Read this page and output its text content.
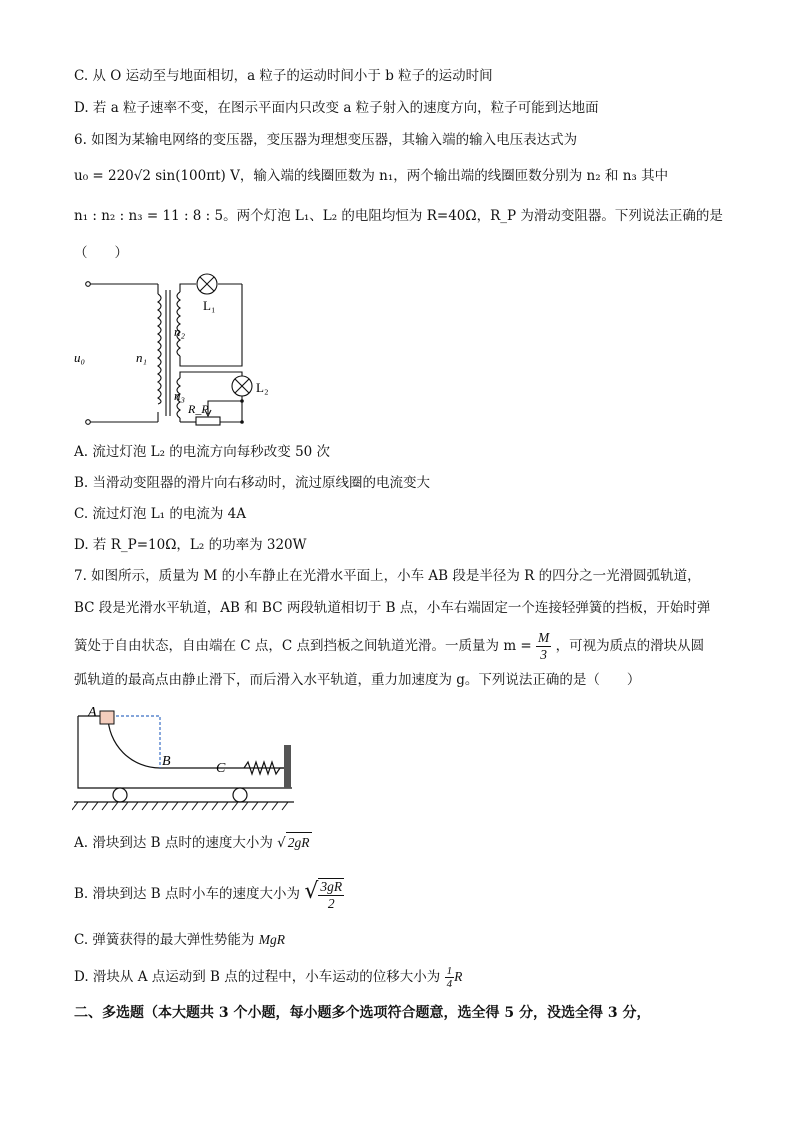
C. 从 O 运动至与地面相切，a 粒子的运动时间小于 b 粒子的运动时间
D. 若 a 粒子速率不变，在图示平面内只改变 a 粒子射入的速度方向，粒子可能到达地面
6. 如图为某输电网络的变压器，变压器为理想变压器，其输入端的输入电压表达式为
u₀ = 220√2 sin(100πt) V，输入端的线圈匝数为 n₁，两个输出端的线圈匝数分别为 n₂ 和 n₃ 其中
n₁ : n₂ : n₃ = 11 : 8 : 5。两个灯泡 L₁、L₂ 的电阻均恒为 R=40Ω，R_P 为滑动变阻器。下列说法正确的是
（　　）
u₀	n₁
n₂
n₃
L₁
L₂
R_P
A. 流过灯泡 L₂ 的电流方向每秒改变 50 次
B. 当滑动变阻器的滑片向右移动时，流过原线圈的电流变大
C. 流过灯泡 L₁ 的电流为 4A
D. 若 R_P=10Ω，L₂ 的功率为 320W
7. 如图所示，质量为 M 的小车静止在光滑水平面上，小车 AB 段是半径为 R 的四分之一光滑圆弧轨道，
BC 段是光滑水平轨道，AB 和 BC 两段轨道相切于 B 点，小车右端固定一个连接轻弹簧的挡板，开始时弹
簧处于自由状态，自由端在 C 点，C 点到挡板之间轨道光滑。一质量为 $m = \frac{M}{3}$ ，可视为质点的滑块从圆
弧轨道的最高点由静止滑下，而后滑入水平轨道，重力加速度为 g。下列说法正确的是（　　）
A
B	C
A. 滑块到达 B 点时的速度大小为 √ 2gR
B. 滑块到达 B 点时小车的速度大小为 √ $\frac{3gR}{2}$
C. 弹簧获得的最大弹性势能为 MgR
D. 滑块从 A 点运动到 B 点的过程中，小车运动的位移大小为 $\frac{1}{4}$ R
二、多选题（本大题共 3 个小题，每小题多个选项符合题意，选全得 5 分，没选全得 3 分，
